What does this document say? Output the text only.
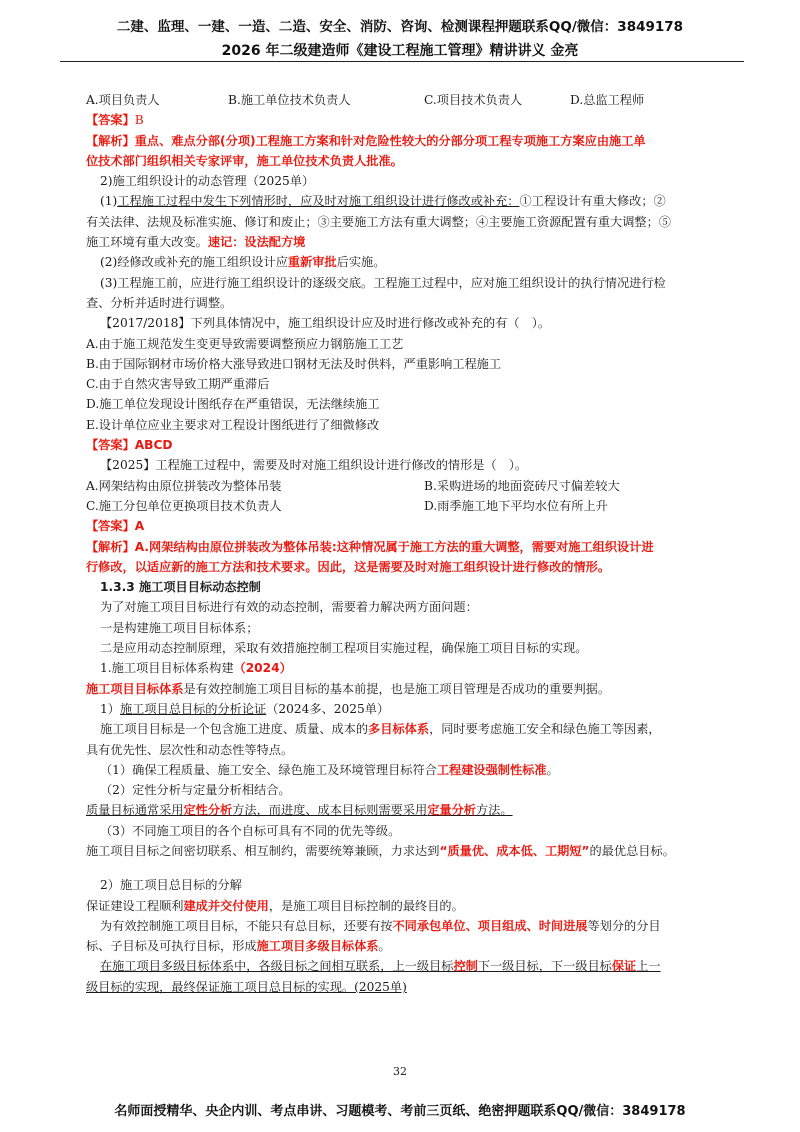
二建、监理、一建、一造、二造、安全、消防、咨询、检测课程押题联系QQ/微信：3849178
2026 年二级建造师《建设工程施工管理》精讲讲义 金亮
A.项目负责人	B.施工单位技术负责人	C.项目技术负责人	D.总监工程师
【答案】B
【解析】重点、难点分部(分项)工程施工方案和针对危险性较大的分部分项工程专项施工方案应由施工单
位技术部门组织相关专家评审，施工单位技术负责人批准。
2)施工组织设计的动态管理（2025单）
(1)工程施工过程中发生下列情形时，应及时对施工组织设计进行修改或补充：①工程设计有重大修改；②
有关法律、法规及标准实施、修订和废止；③主要施工方法有重大调整；④主要施工资源配置有重大调整；⑤
施工环境有重大改变。速记：设法配方境
(2)经修改或补充的施工组织设计应重新审批后实施。
(3)工程施工前，应进行施工组织设计的逐级交底。工程施工过程中，应对施工组织设计的执行情况进行检
查、分析并适时进行调整。
【2017/2018】下列具体情况中，施工组织设计应及时进行修改或补充的有（　）。
A.由于施工规范发生变更导致需要调整预应力钢筋施工工艺
B.由于国际钢材市场价格大涨导致进口钢材无法及时供料，严重影响工程施工
C.由于自然灾害导致工期严重滞后
D.施工单位发现设计图纸存在严重错误，无法继续施工
E.设计单位应业主要求对工程设计图纸进行了细微修改
【答案】ABCD
【2025】工程施工过程中，需要及时对施工组织设计进行修改的情形是（　）。
A.网架结构由原位拼装改为整体吊装	B.采购进场的地面瓷砖尺寸偏差较大
C.施工分包单位更换项目技术负责人	D.雨季施工地下平均水位有所上升
【答案】A
【解析】A.网架结构由原位拼装改为整体吊装:这种情况属于施工方法的重大调整，需要对施工组织设计进
行修改，以适应新的施工方法和技术要求。因此，这是需要及时对施工组织设计进行修改的情形。
1.3.3 施工项目目标动态控制
为了对施工项目目标进行有效的动态控制，需要着力解决两方面问题：
一是构建施工项目目标体系；
二是应用动态控制原理，采取有效措施控制工程项目实施过程，确保施工项目目标的实现。
1.施工项目目标体系构建（2024）
施工项目目标体系是有效控制施工项目目标的基本前提，也是施工项目管理是否成功的重要判据。
1）施工项目总目标的分析论证（2024多、2025单）
施工项目目标是一个包含施工进度、质量、成本的多目标体系，同时要考虑施工安全和绿色施工等因素，
具有优先性、层次性和动态性等特点。
（1）确保工程质量、施工安全、绿色施工及环境管理目标符合工程建设强制性标准。
（2）定性分析与定量分析相结合。
质量目标通常采用定性分析方法，而进度、成本目标则需要采用定量分析方法。
（3）不同施工项目的各个自标可具有不同的优先等级。
施工项目目标之间密切联系、相互制约，需要统筹兼顾，力求达到“质量优、成本低、工期短”的最优总目标。
2）施工项目总目标的分解
保证建设工程顺利建成并交付使用，是施工项目目标控制的最终目的。
为有效控制施工项目目标，不能只有总目标，还要有按不同承包单位、项目组成、时间进展等划分的分目
标、子目标及可执行目标，形成施工项目多级目标体系。
在施工项目多级目标体系中，各级目标之间相互联系，上一级目标控制下一级目标，下一级目标保证上一
级目标的实现，最终保证施工项目总目标的实现。(2025单)
32
名师面授精华、央企内训、考点串讲、习题模考、考前三页纸、绝密押题联系QQ/微信：3849178
